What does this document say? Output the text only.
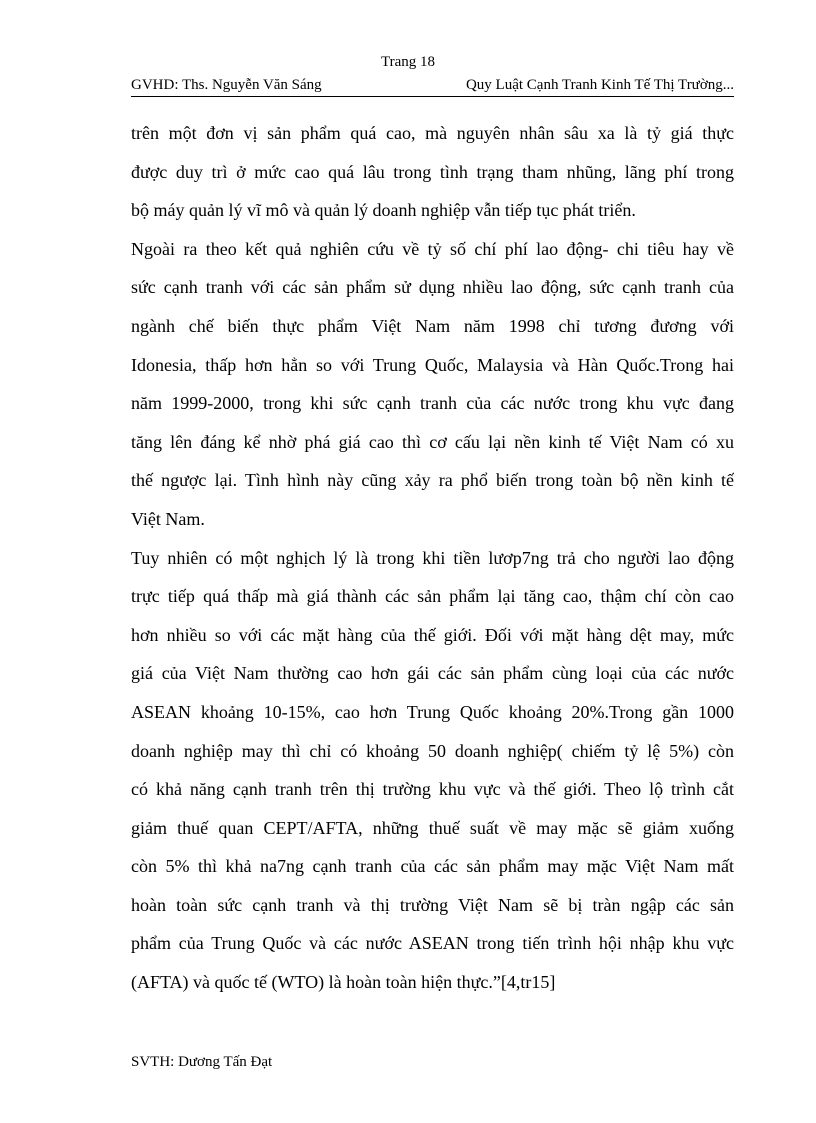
Trang 18
GVHD: Ths. Nguyễn Văn Sáng	Quy Luật Cạnh Tranh Kinh Tế Thị Trường...
trên một đơn vị sản phẩm quá cao, mà nguyên nhân sâu xa là tỷ giá thực
được duy trì ở mức cao quá lâu trong tình trạng tham nhũng, lãng phí trong
bộ máy quản lý vĩ mô và quản lý doanh nghiệp vẫn tiếp tục phát triển.
Ngoài ra theo kết quả nghiên cứu về tỷ số chí phí lao động- chi tiêu hay về
sức cạnh tranh với các sản phẩm sử dụng nhiều lao động, sức cạnh tranh của
ngành chế biến thực phẩm Việt Nam năm 1998 chỉ tương đương với
Idonesia, thấp hơn hẳn so với Trung Quốc, Malaysia và Hàn Quốc.Trong hai
năm 1999-2000, trong khi sức cạnh tranh của các nước trong khu vực đang
tăng lên đáng kể nhờ phá giá cao thì cơ cấu lại nền kinh tế Việt Nam có xu
thế ngược lại. Tình hình này cũng xảy ra phổ biến trong toàn bộ nền kinh tế
Việt Nam.
Tuy nhiên có một nghịch lý là trong khi tiền lươp7ng trả cho người lao động
trực tiếp quá thấp mà giá thành các sản phẩm lại tăng cao, thậm chí còn cao
hơn nhiều so với các mặt hàng của thế giới. Đối với mặt hàng dệt may, mức
giá của Việt Nam thường cao hơn gái các sản phẩm cùng loại của các nước
ASEAN khoảng 10-15%, cao hơn Trung Quốc khoảng 20%.Trong gần 1000
doanh nghiệp may thì chỉ có khoảng 50 doanh nghiệp( chiếm tỷ lệ 5%) còn
có khả năng cạnh tranh trên thị trường khu vực và thế giới. Theo lộ trình cắt
giảm thuế quan CEPT/AFTA, những thuế suất về may mặc sẽ giảm xuống
còn 5% thì khả na7ng cạnh tranh của các sản phẩm may mặc Việt Nam mất
hoàn toàn sức cạnh tranh và thị trường Việt Nam sẽ bị tràn ngập các sản
phẩm của Trung Quốc và các nước ASEAN trong tiến trình hội nhập khu vực
(AFTA) và quốc tế (WTO) là hoàn toàn hiện thực.”[4,tr15]
SVTH: Dương Tấn Đạt
